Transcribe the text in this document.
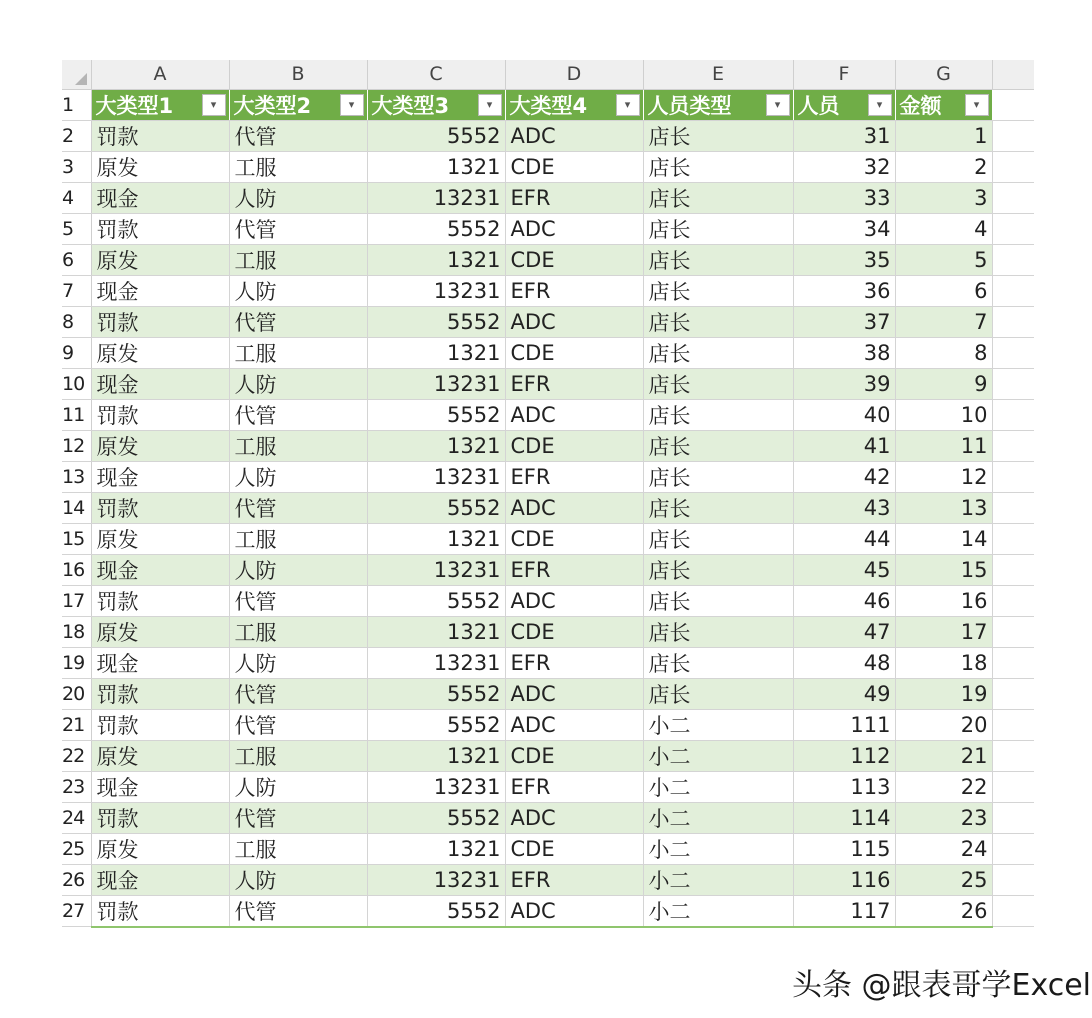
	A	B	C	D	E	F	G	
1	大类型1 ▾	大类型2 ▾	大类型3 ▾	大类型4 ▾	人员类型 ▾	人员 ▾	金额 ▾	

2	罚款	代管	5552	ADC	店长	31	1	
3	原发	工服	1321	CDE	店长	32	2	
4	现金	人防	13231	EFR	店长	33	3	
5	罚款	代管	5552	ADC	店长	34	4	
6	原发	工服	1321	CDE	店长	35	5	
7	现金	人防	13231	EFR	店长	36	6	
8	罚款	代管	5552	ADC	店长	37	7	
9	原发	工服	1321	CDE	店长	38	8	
10	现金	人防	13231	EFR	店长	39	9	
11	罚款	代管	5552	ADC	店长	40	10	
12	原发	工服	1321	CDE	店长	41	11	
13	现金	人防	13231	EFR	店长	42	12	
14	罚款	代管	5552	ADC	店长	43	13	
15	原发	工服	1321	CDE	店长	44	14	
16	现金	人防	13231	EFR	店长	45	15	
17	罚款	代管	5552	ADC	店长	46	16	
18	原发	工服	1321	CDE	店长	47	17	
19	现金	人防	13231	EFR	店长	48	18	
20	罚款	代管	5552	ADC	店长	49	19	
21	罚款	代管	5552	ADC	小二	111	20	
22	原发	工服	1321	CDE	小二	112	21	
23	现金	人防	13231	EFR	小二	113	22	
24	罚款	代管	5552	ADC	小二	114	23	
25	原发	工服	1321	CDE	小二	115	24	
26	现金	人防	13231	EFR	小二	116	25	
27	罚款	代管	5552	ADC	小二	117	26	
头条 @跟表哥学Excel
